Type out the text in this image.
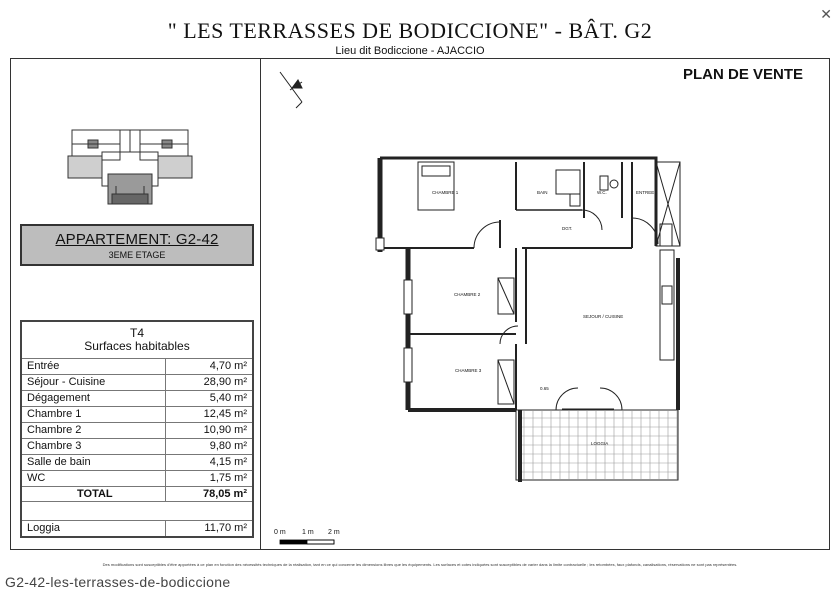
" LES TERRASSES DE BODICCIONE" - BÂT. G2
Lieu dit Bodiccione - AJACCIO
✕
PLAN DE VENTE
APPARTEMENT: G2-42
3EME ETAGE
T4
Surfaces habitables
Entrée	4,70 m²
Séjour - Cuisine	28,90 m²
Dégagement	5,40 m²
Chambre 1	12,45 m²
Chambre 2	10,90 m²
Chambre 3	9,80 m²
Salle de bain	4,15 m²
WC	1,75 m²
TOTAL	78,05 m²
Loggia	11,70 m²
CHAMBRE 1	BAIN	W.C.	ENTREE
DGT.
CHAMBRE 2
SEJOUR / CUISINE
CHAMBRE 3
0.65
LOGGIA
0 m 1 m 2 m
Des modifications sont susceptibles d'être apportées à ce plan en fonction des nécessités techniques de la réalisation, tant en ce qui concerne les dimensions libres que les équipements. Les surfaces et cotes indiquées sont susceptibles de varier dans la limite contractuelle ; les retombées, faux plafonds, canalisations, réservations ne sont pas représentées.
G2-42-les-terrasses-de-bodiccione
